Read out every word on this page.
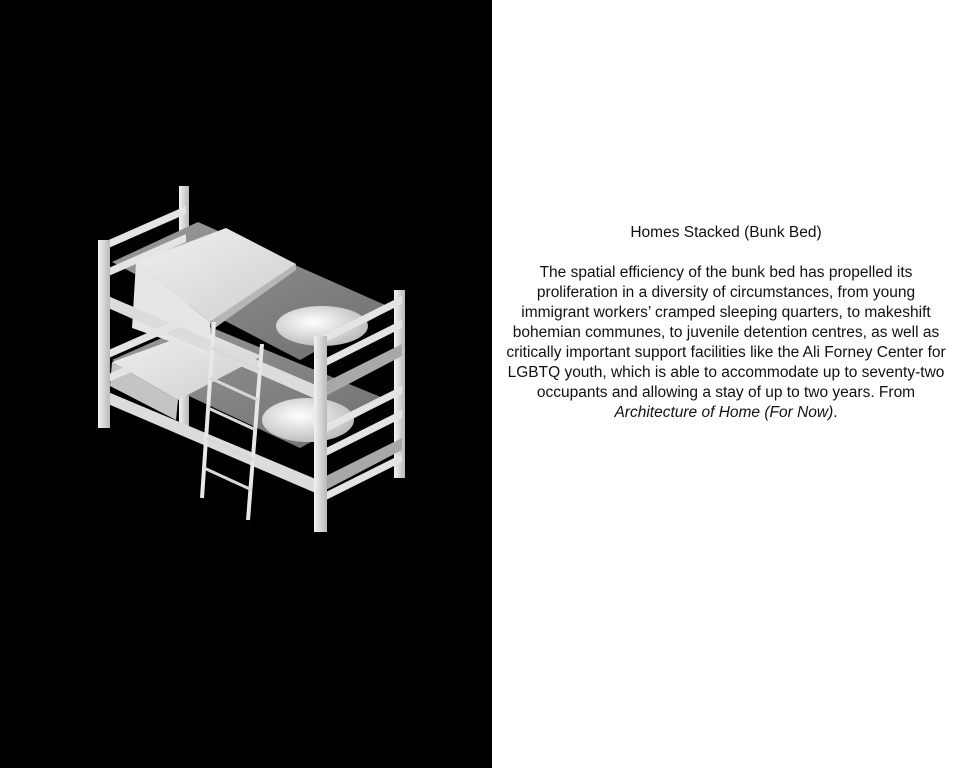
Homes Stacked (Bunk Bed)

The spatial efficiency of the bunk bed has propelled its proliferation in a diversity of circumstances, from young immigrant workers’ cramped sleeping quarters, to makeshift bohemian communes, to juvenile detention centres, as well as critically important support facilities like the Ali Forney Center for LGBTQ youth, which is able to accommodate up to seventy-two occupants and allowing a stay of up to two years. From Architecture of Home (For Now).
